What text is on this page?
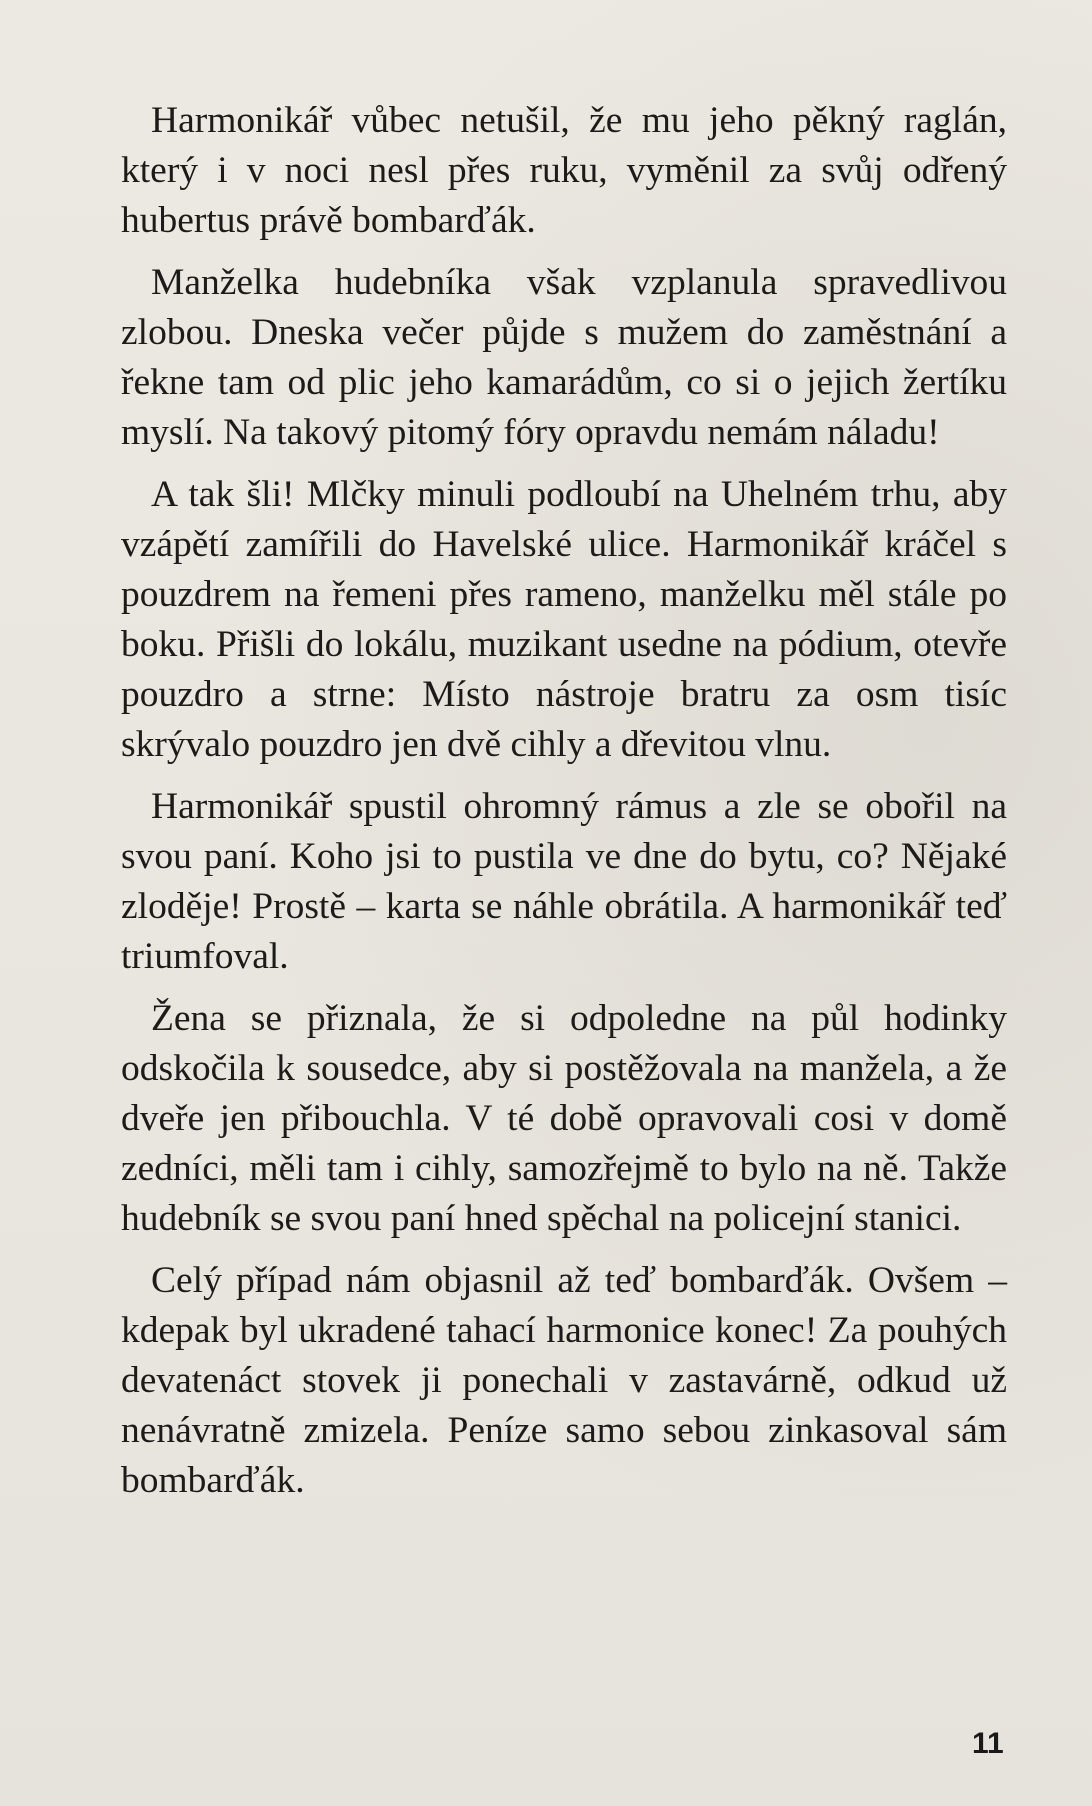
Harmonikář vůbec netušil, že mu jeho pěkný raglán, který i v noci nesl přes ruku, vyměnil za svůj odřený hubertus právě bombarďák.

Manželka hudebníka však vzplanula spravedlivou zlobou. Dneska večer půjde s mužem do zaměstnání a řekne tam od plic jeho kamarádům, co si o jejich žertíku myslí. Na takový pitomý fóry opravdu nemám náladu!

A tak šli! Mlčky minuli podloubí na Uhelném trhu, aby vzápětí zamířili do Havelské ulice. Harmonikář kráčel s pouzdrem na řemeni přes rameno, manželku měl stále po boku. Přišli do lokálu, muzikant usedne na pódium, otevře pouzdro a strne: Místo nástroje bratru za osm tisíc skrývalo pouzdro jen dvě cihly a dřevitou vlnu.

Harmonikář spustil ohromný rámus a zle se obořil na svou paní. Koho jsi to pustila ve dne do bytu, co? Nějaké zloděje! Prostě – karta se náhle obrátila. A harmonikář teď triumfoval.

Žena se přiznala, že si odpoledne na půl hodinky odskočila k sousedce, aby si postěžovala na manžela, a že dveře jen přibouchla. V té době opravovali cosi v domě zedníci, měli tam i cihly, samozřejmě to bylo na ně. Takže hudebník se svou paní hned spěchal na policejní stanici.

Celý případ nám objasnil až teď bombarďák. Ovšem – kdepak byl ukradené tahací harmonice konec! Za pouhých devatenáct stovek ji ponechali v zastavárně, odkud už nenávratně zmizela. Peníze samo sebou zinkasoval sám bombarďák.

11
